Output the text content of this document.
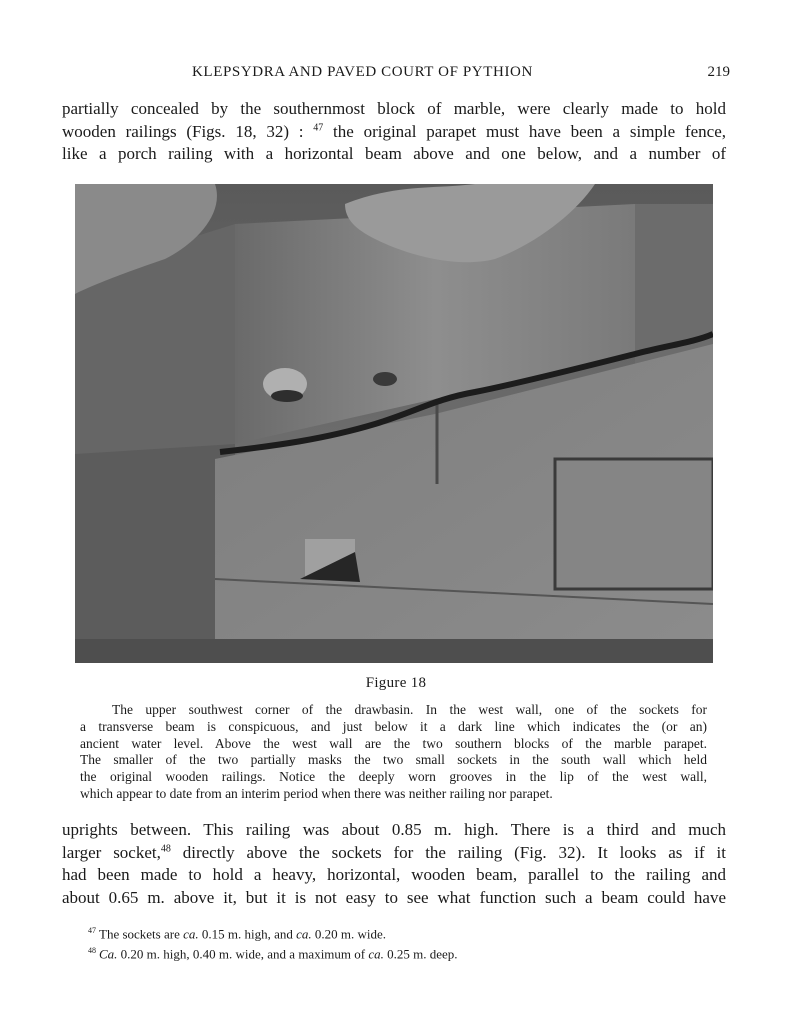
KLEPSYDRA AND PAVED COURT OF PYTHION	219

partially concealed by the southernmost block of marble, were clearly made to hold
wooden railings (Figs. 18, 32) : $^{47}$ the original parapet must have been a simple fence,
like a porch railing with a horizontal beam above and one below, and a number of

Figure 18

The upper southwest corner of the drawbasin. In the west wall, one of the sockets for
a transverse beam is conspicuous, and just below it a dark line which indicates the (or an)
ancient water level. Above the west wall are the two southern blocks of the marble parapet.
The smaller of the two partially masks the two small sockets in the south wall which held
the original wooden railings. Notice the deeply worn grooves in the lip of the west wall,
which appear to date from an interim period when there was neither railing nor parapet.

uprights between. This railing was about 0.85 m. high. There is a third and much
larger socket,$^{48}$ directly above the sockets for the railing (Fig. 32). It looks as if it
had been made to hold a heavy, horizontal, wooden beam, parallel to the railing and
about 0.65 m. above it, but it is not easy to see what function such a beam could have

$^{47}$ The sockets are ca. 0.15 m. high, and ca. 0.20 m. wide.
$^{48}$ Ca. 0.20 m. high, 0.40 m. wide, and a maximum of ca. 0.25 m. deep.
